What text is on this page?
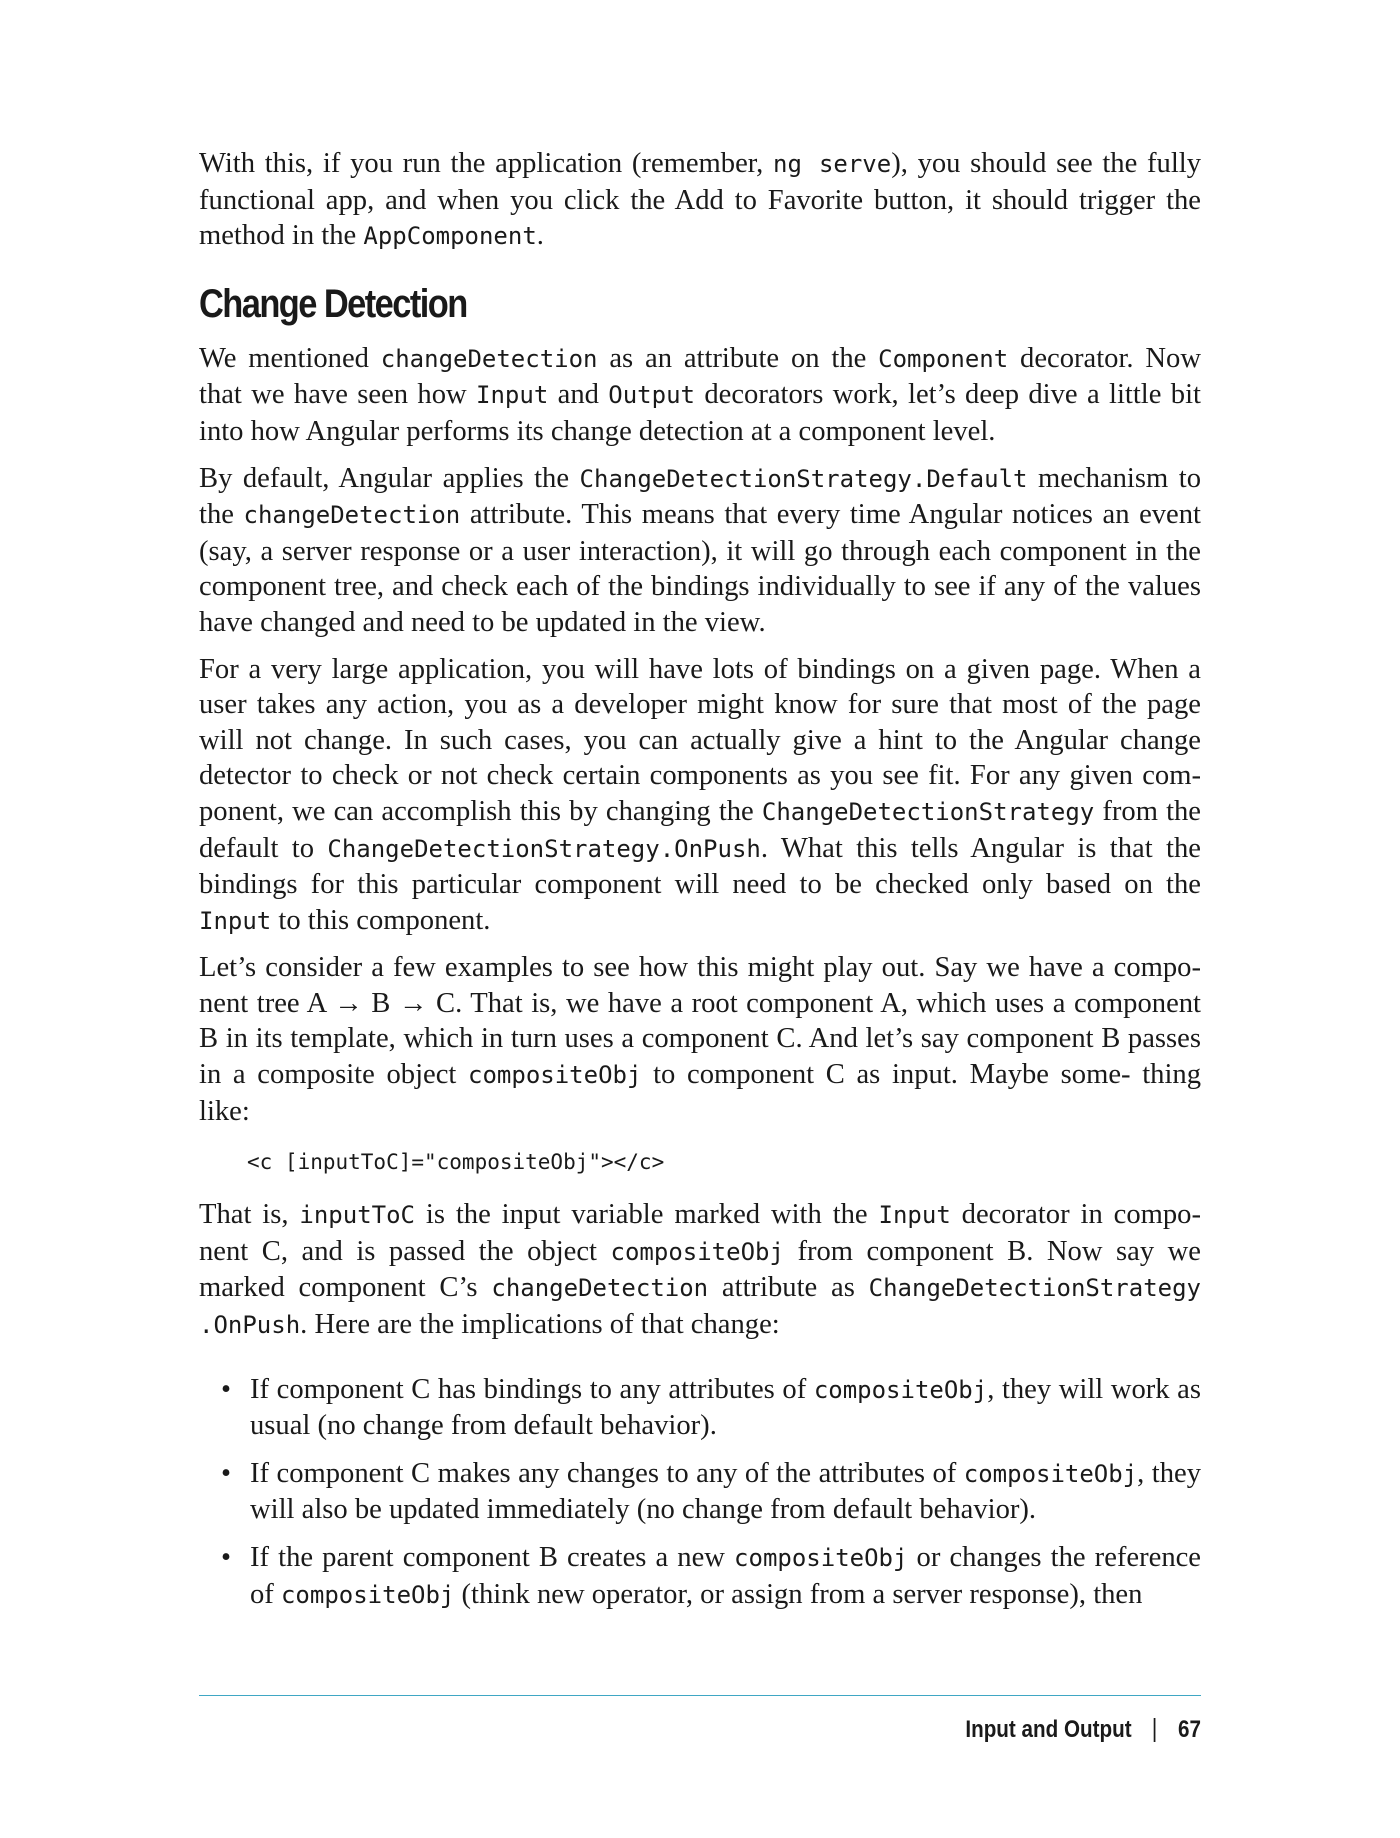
With this, if you run the application (remember, ng serve), you should see the fully functional app, and when you click the Add to Favorite button, it should trigger the method in the AppComponent.

Change Detection

We mentioned changeDetection as an attribute on the Component decorator. Now that we have seen how Input and Output decorators work, let’s deep dive a little bit into how Angular performs its change detection at a component level.

By default, Angular applies the ChangeDetectionStrategy.Default mechanism to the changeDetection attribute. This means that every time Angular notices an event (say, a server response or a user interaction), it will go through each component in the component tree, and check each of the bindings individually to see if any of the values have changed and need to be updated in the view.

For a very large application, you will have lots of bindings on a given page. When a user takes any action, you as a developer might know for sure that most of the page will not change. In such cases, you can actually give a hint to the Angular change detector to check or not check certain components as you see fit. For any given com‐ ponent, we can accomplish this by changing the ChangeDetectionStrategy from the default to ChangeDetectionStrategy.OnPush. What this tells Angular is that the bindings for this particular component will need to be checked only based on the Input to this component.

Let’s consider a few examples to see how this might play out. Say we have a compo‐ nent tree A → B → C. That is, we have a root component A, which uses a component B in its template, which in turn uses a component C. And let’s say component B passes in a composite object compositeObj to component C as input. Maybe some‐ thing like:

<c [inputToC]="compositeObj"></c>

That is, inputToC is the input variable marked with the Input decorator in compo‐ nent C, and is passed the object compositeObj from component B. Now say we marked component C’s changeDetection attribute as ChangeDetectionStrategy .OnPush. Here are the implications of that change:

• If component C has bindings to any attributes of compositeObj, they will work as usual (no change from default behavior).

• If component C makes any changes to any of the attributes of compositeObj, they will also be updated immediately (no change from default behavior).

• If the parent component B creates a new compositeObj or changes the reference of compositeObj (think new operator, or assign from a server response), then

Input and Output 67
